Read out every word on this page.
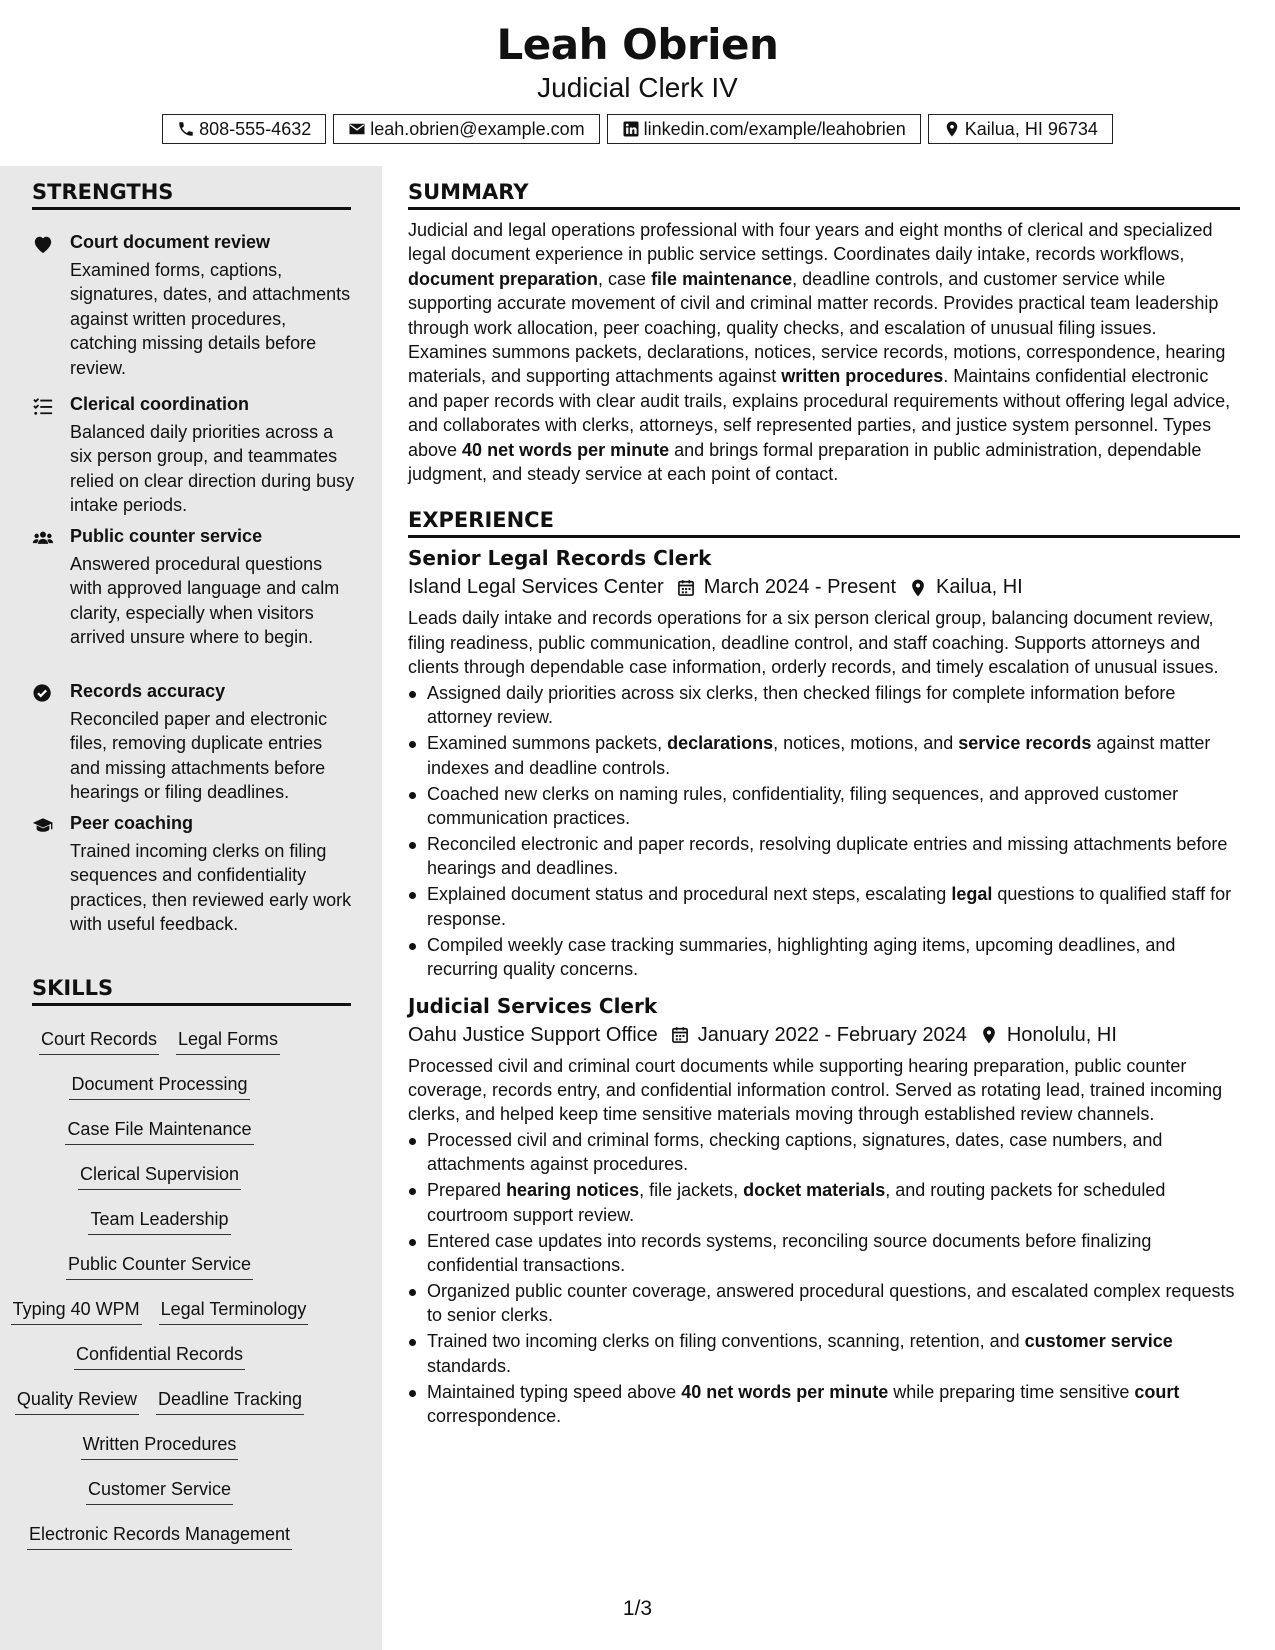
Leah Obrien
Judicial Clerk IV
808-555-4632	leah.obrien@example.com	linkedin.com/example/leahobrien	Kailua, HI 96734
STRENGTHS
Court document review
Examined forms, captions, signatures, dates, and attachments against written procedures, catching missing details before review.
Clerical coordination
Balanced daily priorities across a six person group, and teammates relied on clear direction during busy intake periods.
Public counter service
Answered procedural questions with approved language and calm clarity, especially when visitors arrived unsure where to begin.
Records accuracy
Reconciled paper and electronic files, removing duplicate entries and missing attachments before hearings or filing deadlines.
Peer coaching
Trained incoming clerks on filing sequences and confidentiality practices, then reviewed early work with useful feedback.
SKILLS
Court Records Legal Forms
Document Processing
Case File Maintenance
Clerical Supervision
Team Leadership
Public Counter Service
Typing 40 WPM Legal Terminology
Confidential Records
Quality Review Deadline Tracking
Written Procedures
Customer Service
Electronic Records Management
SUMMARY
Judicial and legal operations professional with four years and eight months of clerical and specialized legal document experience in public service settings. Coordinates daily intake, records workflows, document preparation, case file maintenance, deadline controls, and customer service while supporting accurate movement of civil and criminal matter records. Provides practical team leadership through work allocation, peer coaching, quality checks, and escalation of unusual filing issues. Examines summons packets, declarations, notices, service records, motions, correspondence, hearing materials, and supporting attachments against written procedures. Maintains confidential electronic and paper records with clear audit trails, explains procedural requirements without offering legal advice, and collaborates with clerks, attorneys, self represented parties, and justice system personnel. Types above 40 net words per minute and brings formal preparation in public administration, dependable judgment, and steady service at each point of contact.
EXPERIENCE
Senior Legal Records Clerk
Island Legal Services Center March 2024 - Present Kailua, HI
Leads daily intake and records operations for a six person clerical group, balancing document review, filing readiness, public communication, deadline control, and staff coaching. Supports attorneys and clients through dependable case information, orderly records, and timely escalation of unusual issues.
Assigned daily priorities across six clerks, then checked filings for complete information before attorney review.
Examined summons packets, declarations, notices, motions, and service records against matter indexes and deadline controls.
Coached new clerks on naming rules, confidentiality, filing sequences, and approved customer communication practices.
Reconciled electronic and paper records, resolving duplicate entries and missing attachments before hearings and deadlines.
Explained document status and procedural next steps, escalating legal questions to qualified staff for response.
Compiled weekly case tracking summaries, highlighting aging items, upcoming deadlines, and recurring quality concerns.
Judicial Services Clerk
Oahu Justice Support Office January 2022 - February 2024 Honolulu, HI
Processed civil and criminal court documents while supporting hearing preparation, public counter coverage, records entry, and confidential information control. Served as rotating lead, trained incoming clerks, and helped keep time sensitive materials moving through established review channels.
Processed civil and criminal forms, checking captions, signatures, dates, case numbers, and attachments against procedures.
Prepared hearing notices, file jackets, docket materials, and routing packets for scheduled courtroom support review.
Entered case updates into records systems, reconciling source documents before finalizing confidential transactions.
Organized public counter coverage, answered procedural questions, and escalated complex requests to senior clerks.
Trained two incoming clerks on filing conventions, scanning, retention, and customer service standards.
Maintained typing speed above 40 net words per minute while preparing time sensitive court correspondence.
1/3
